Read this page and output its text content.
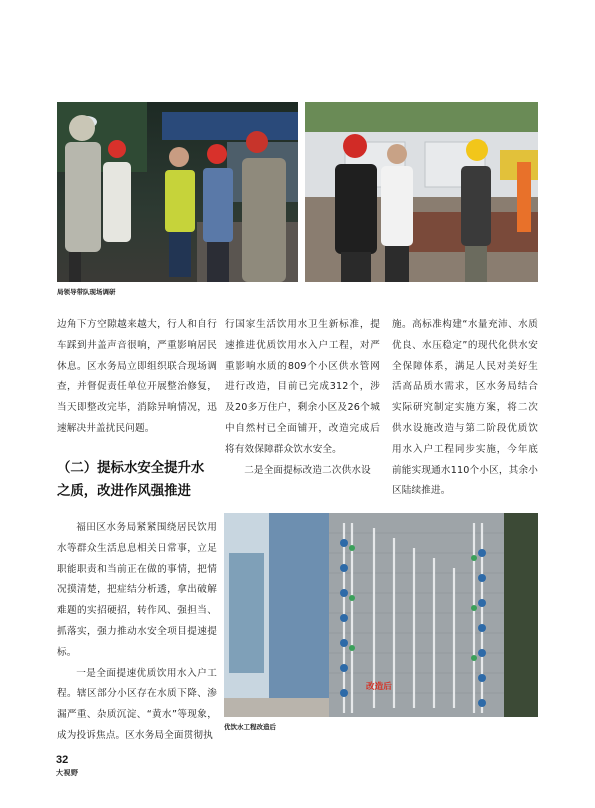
局领导带队现场调研

边角下方空隙越来越大，行人和自行车踩到井盖声音很响，严重影响居民休息。区水务局立即组织联合现场调查，并督促责任单位开展整治修复，当天即整改完毕，消除异响情况，迅速解决井盖扰民问题。

（二）提标水安全提升水之质，改进作风强推进

福田区水务局紧紧围绕居民饮用水等群众生活息息相关日常事，立足职能职责和当前正在做的事情，把情况摸清楚，把症结分析透，拿出破解难题的实招硬招，转作风、强担当、抓落实，强力推动水安全项目提速提标。

一是全面提速优质饮用水入户工程。辖区部分小区存在水质下降、渗漏严重、杂质沉淀、“黄水”等现象，成为投诉焦点。区水务局全面贯彻执

行国家生活饮用水卫生新标准，提速推进优质饮用水入户工程，对严重影响水质的809个小区供水管网进行改造，目前已完成312个，涉及20多万住户，剩余小区及26个城中自然村已全面铺开，改造完成后将有效保障群众饮水安全。

二是全面提标改造二次供水设

施。高标准构建“水量充沛、水质优良、水压稳定”的现代化供水安全保障体系，满足人民对美好生活高品质水需求，区水务局结合实际研究制定实施方案，将二次供水设施改造与第二阶段优质饮用水入户工程同步实施，今年底前能实现通水110个小区，其余小区陆续推进。

改造后
优饮水工程改造后
32
大视野
